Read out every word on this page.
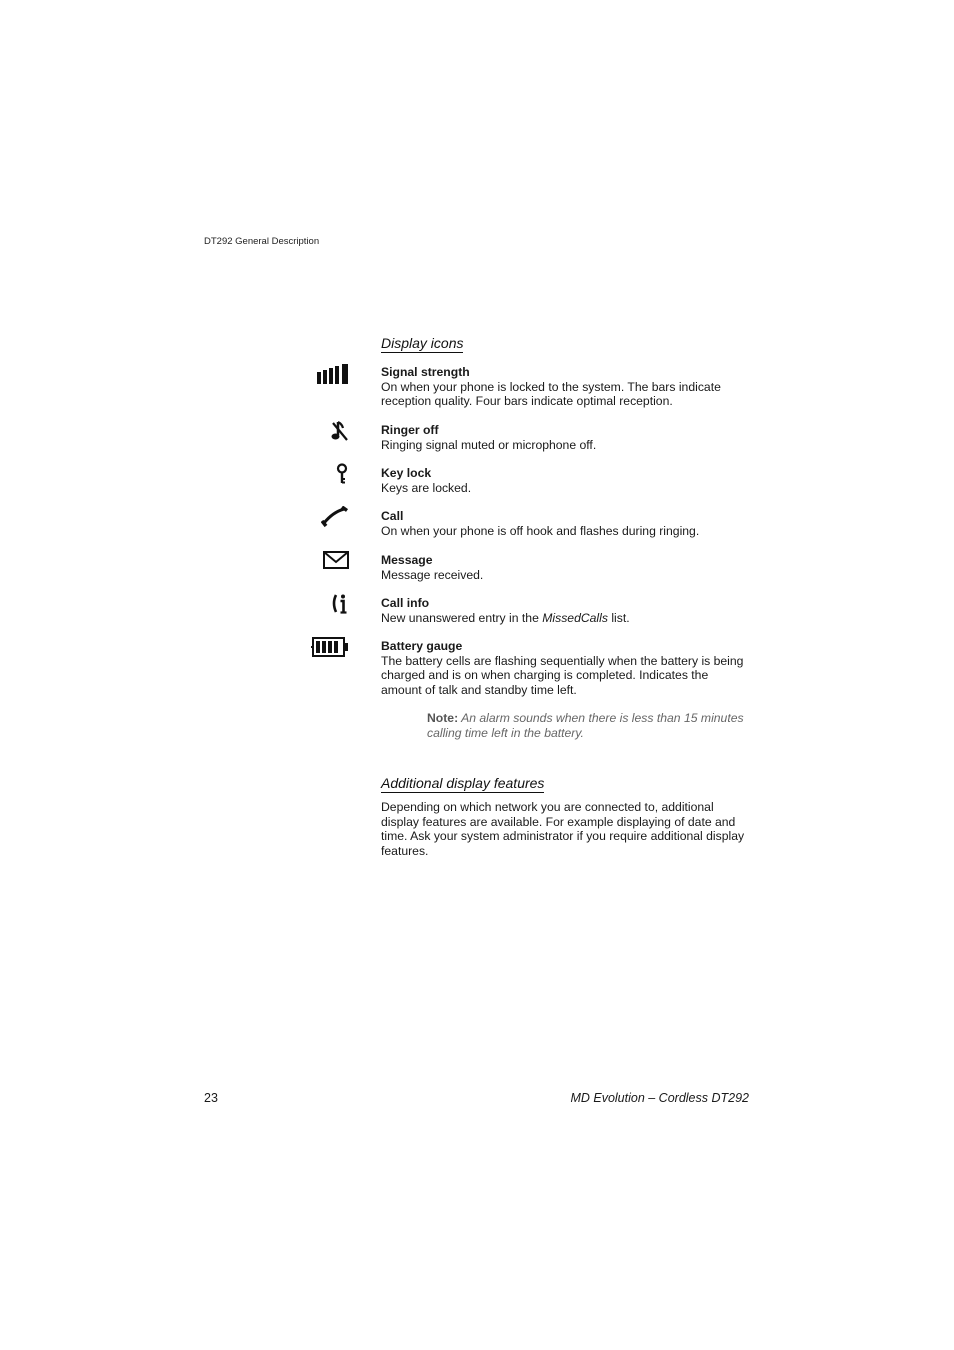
DT292 General Description
Display icons
Signal strength
On when your phone is locked to the system. The bars indicate reception quality. Four bars indicate optimal reception.
Ringer off
Ringing signal muted or microphone off.
Key lock
Keys are locked.
Call
On when your phone is off hook and flashes during ringing.
Message
Message received.
Call info
New unanswered entry in the MissedCalls list.
Battery gauge
The battery cells are flashing sequentially when the battery is being charged and is on when charging is completed. Indicates the amount of talk and standby time left.
Note: An alarm sounds when there is less than 15 minutes calling time left in the battery.
Additional display features
Depending on which network you are connected to, additional display features are available. For example displaying of date and time. Ask your system administrator if you require additional display features.
23	MD Evolution – Cordless DT292
